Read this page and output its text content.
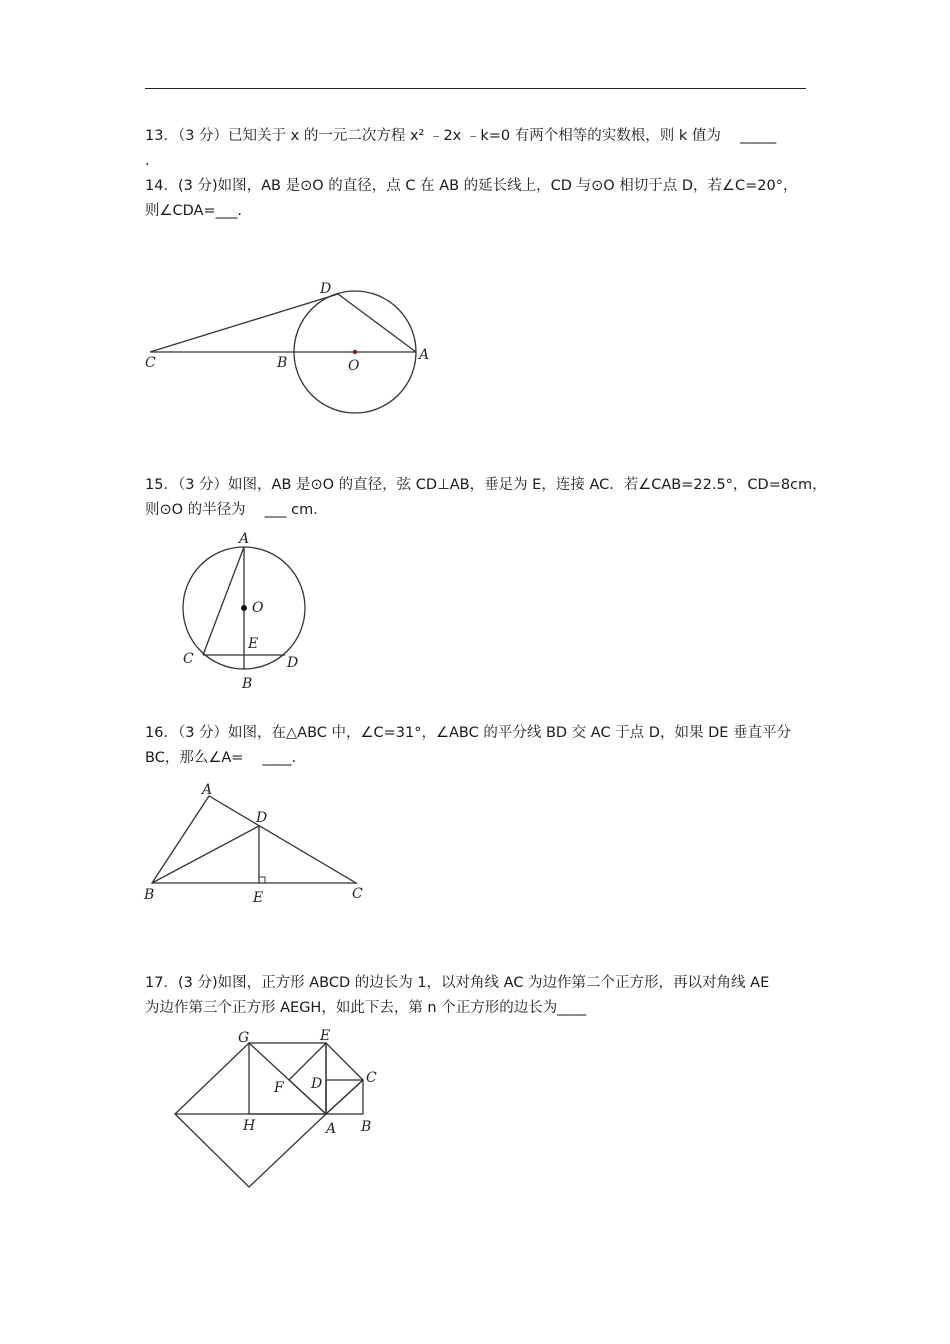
13．（3 分）已知关于 x 的一元二次方程 x² ﹣2x ﹣k=0 有两个相等的实数根，则 k 值为　 _____

.

14．(3 分)如图，AB 是⊙O 的直径，点 C 在 AB 的延长线上，CD 与⊙O 相切于点 D，若∠C=20°，

则∠CDA=___.

C	B	O
A
D

15．（3 分）如图，AB 是⊙O 的直径，弦 CD⊥AB，垂足为 E，连接 AC．若∠CAB=22.5°，CD=8cm，

则⊙O 的半径为　 ___ cm．

A
O
E
C	D
B

16．（3 分）如图，在△ABC 中，∠C=31°，∠ABC 的平分线 BD 交 AC 于点 D，如果 DE 垂直平分

BC，那么∠A=　 ____．

A
D
B	E	C

17．(3 分)如图，正方形 ABCD 的边长为 1，以对角线 AC 为边作第二个正方形，再以对角线 AE

为边作第三个正方形 AEGH，如此下去，第 n 个正方形的边长为____

G	E
C
D
F
H	A B
